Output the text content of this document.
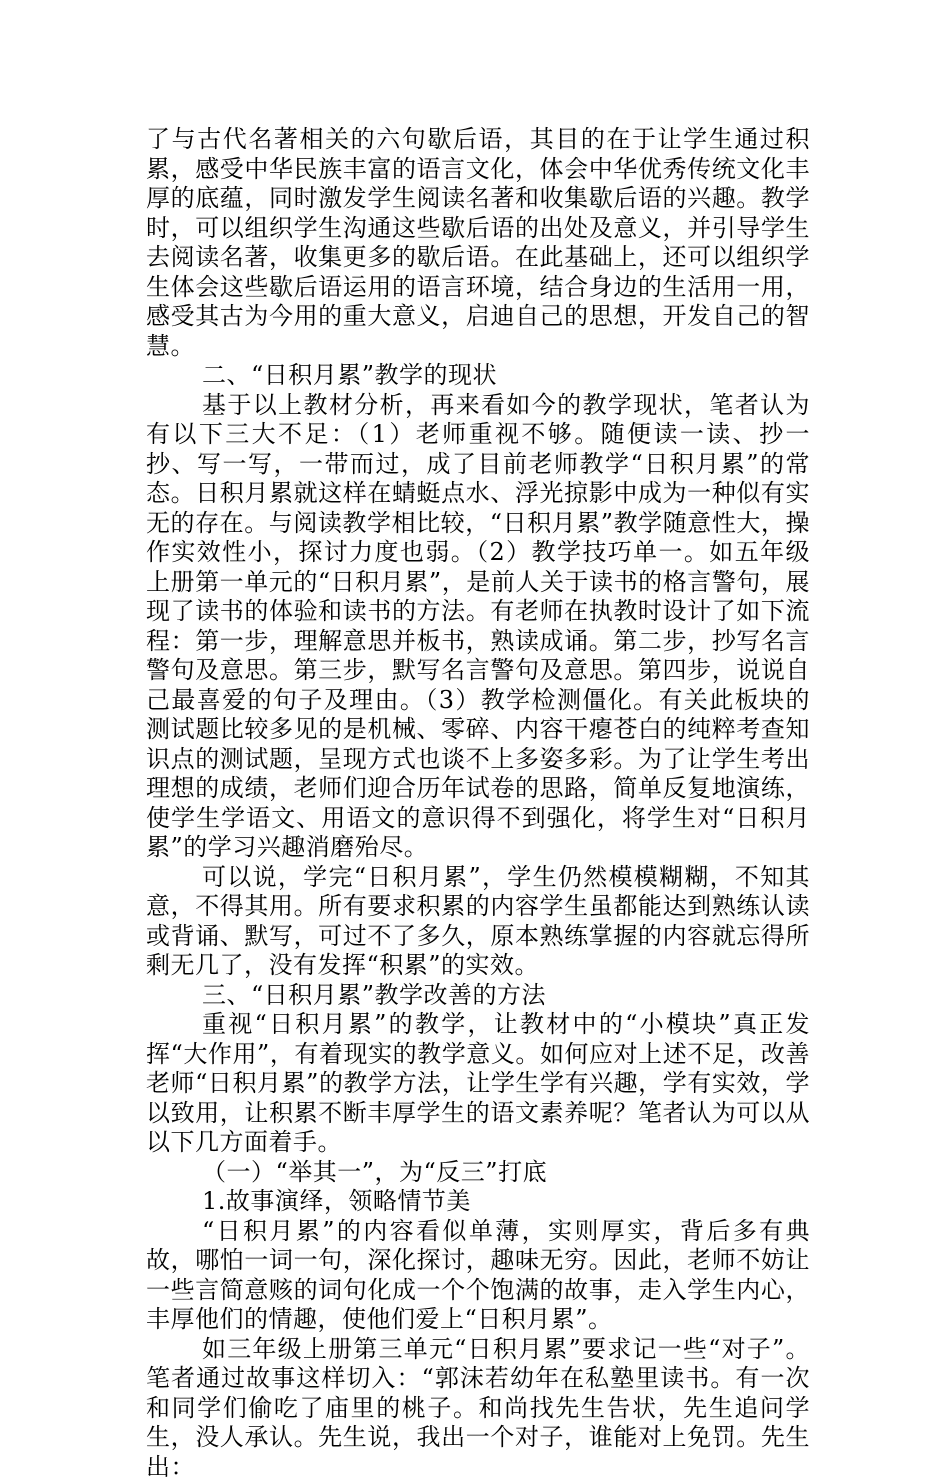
了与古代名著相关的六句歇后语，其目的在于让学生通过积累，感受中华民族丰富的语言文化，体会中华优秀传统文化丰厚的底蕴，同时激发学生阅读名著和收集歇后语的兴趣。教学时，可以组织学生沟通这些歇后语的出处及意义，并引导学生去阅读名著，收集更多的歇后语。在此基础上，还可以组织学生体会这些歇后语运用的语言环境，结合身边的生活用一用，感受其古为今用的重大意义，启迪自己的思想，开发自己的智慧。

二、“日积月累”教学的现状

基于以上教材分析，再来看如今的教学现状，笔者认为有以下三大不足：（1）老师重视不够。随便读一读、抄一抄、写一写，一带而过，成了目前老师教学“日积月累”的常态。日积月累就这样在蜻蜓点水、浮光掠影中成为一种似有实无的存在。与阅读教学相比较，“日积月累”教学随意性大，操作实效性小，探讨力度也弱。（2）教学技巧单一。如五年级上册第一单元的“日积月累”，是前人关于读书的格言警句，展现了读书的体验和读书的方法。有老师在执教时设计了如下流程：第一步，理解意思并板书，熟读成诵。第二步，抄写名言警句及意思。第三步，默写名言警句及意思。第四步，说说自己最喜爱的句子及理由。（3）教学检测僵化。有关此板块的测试题比较多见的是机械、零碎、内容干瘪苍白的纯粹考查知识点的测试题，呈现方式也谈不上多姿多彩。为了让学生考出理想的成绩，老师们迎合历年试卷的思路，简单反复地演练，使学生学语文、用语文的意识得不到强化，将学生对“日积月累”的学习兴趣消磨殆尽。

可以说，学完“日积月累”，学生仍然模模糊糊，不知其意，不得其用。所有要求积累的内容学生虽都能达到熟练认读或背诵、默写，可过不了多久，原本熟练掌握的内容就忘得所剩无几了，没有发挥“积累”的实效。

三、“日积月累”教学改善的方法

重视“日积月累”的教学，让教材中的“小模块”真正发挥“大作用”，有着现实的教学意义。如何应对上述不足，改善老师“日积月累”的教学方法，让学生学有兴趣，学有实效，学以致用，让积累不断丰厚学生的语文素养呢？笔者认为可以从以下几方面着手。

（一）“举其一”，为“反三”打底

1.故事演绎，领略情节美

“日积月累”的内容看似单薄，实则厚实，背后多有典故，哪怕一词一句，深化探讨，趣味无穷。因此，老师不妨让一些言简意赅的词句化成一个个饱满的故事，走入学生内心，丰厚他们的情趣，使他们爱上“日积月累”。

如三年级上册第三单元“日积月累”要求记一些“对子”。笔者通过故事这样切入：“郭沫若幼年在私塾里读书。有一次和同学们偷吃了庙里的桃子。和尚找先生告状，先生追问学生，没人承认。先生说，我出一个对子，谁能对上免罚。先生出：
